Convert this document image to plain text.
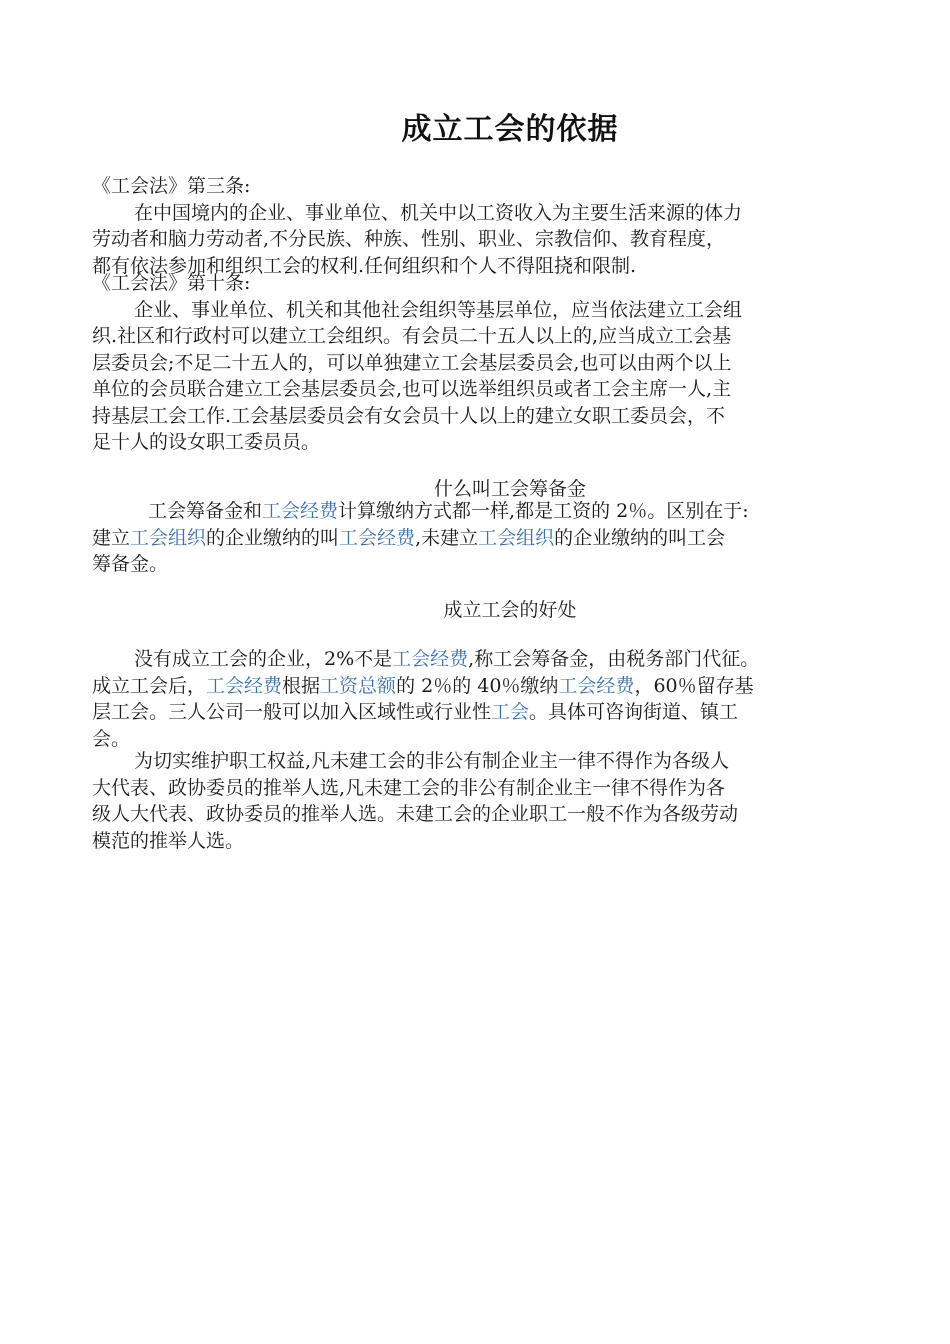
成立工会的依据
《工会法》第三条:
在中国境内的企业、事业单位、机关中以工资收入为主要生活来源的体力
劳动者和脑力劳动者,不分民族、种族、性别、职业、宗教信仰、教育程度，
都有依法参加和组织工会的权利.任何组织和个人不得阻挠和限制.
《工会法》第十条:
企业、事业单位、机关和其他社会组织等基层单位，应当依法建立工会组
织.社区和行政村可以建立工会组织。有会员二十五人以上的,应当成立工会基
层委员会;不足二十五人的，可以单独建立工会基层委员会,也可以由两个以上
单位的会员联合建立工会基层委员会,也可以选举组织员或者工会主席一人,主
持基层工会工作.工会基层委员会有女会员十人以上的建立女职工委员会，不
足十人的设女职工委员员。
什么叫工会筹备金
工会筹备金和工会经费计算缴纳方式都一样,都是工资的 2％。区别在于:
建立工会组织的企业缴纳的叫工会经费,未建立工会组织的企业缴纳的叫工会
筹备金。
成立工会的好处
没有成立工会的企业，2%不是工会经费,称工会筹备金，由税务部门代征。
成立工会后，工会经费根据工资总额的 2％的 40％缴纳工会经费，60％留存基
层工会。三人公司一般可以加入区域性或行业性工会。具体可咨询街道、镇工
会。
为切实维护职工权益,凡未建工会的非公有制企业主一律不得作为各级人
大代表、政协委员的推举人选,凡未建工会的非公有制企业主一律不得作为各
级人大代表、政协委员的推举人选。未建工会的企业职工一般不作为各级劳动
模范的推举人选。
